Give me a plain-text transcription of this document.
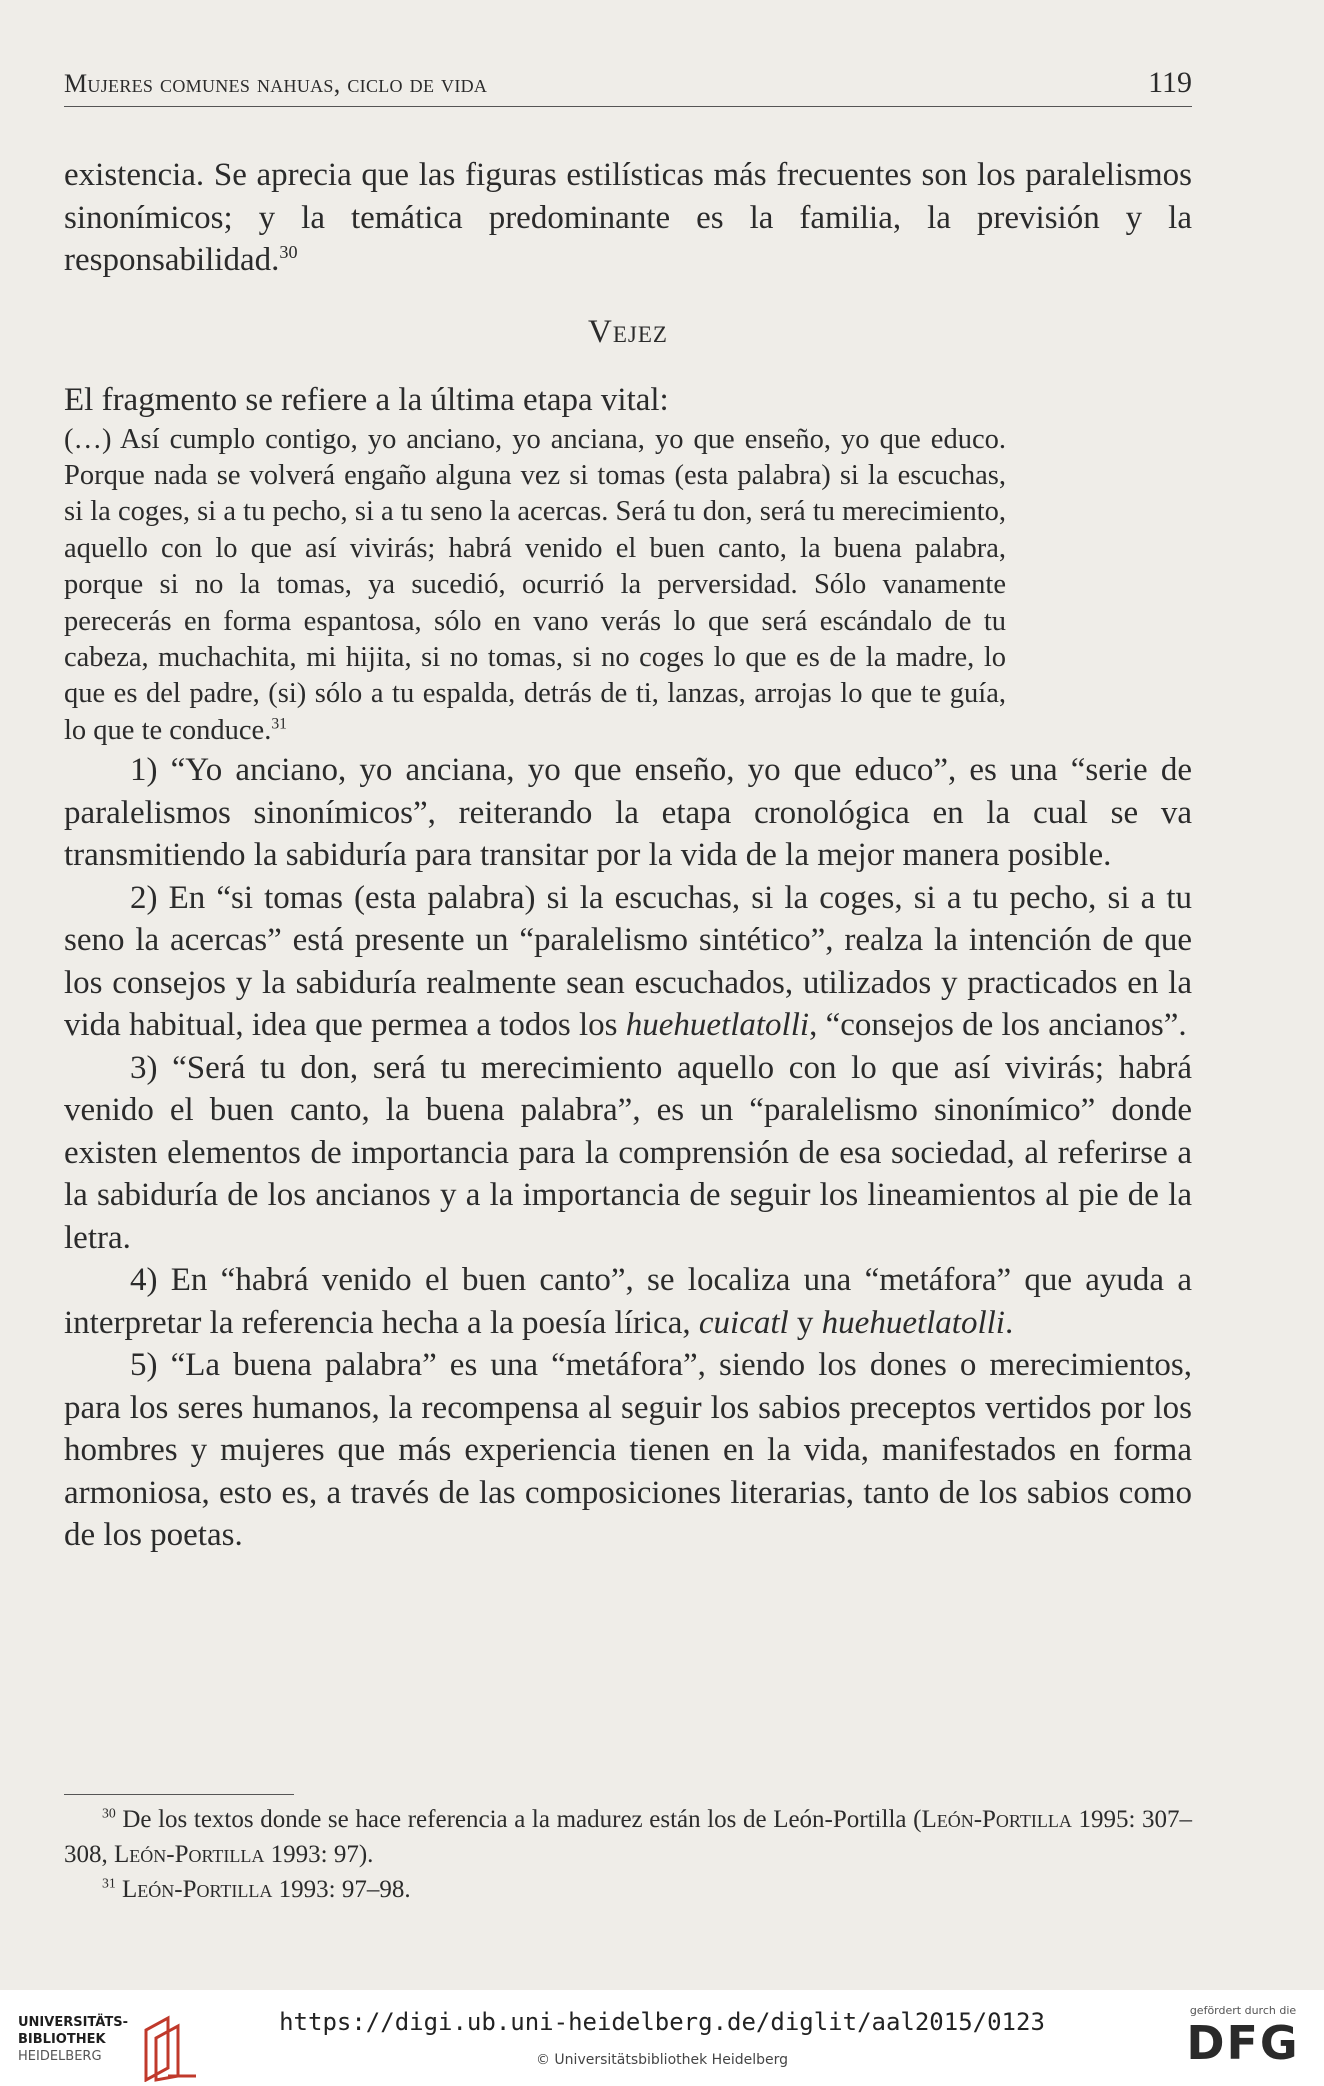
Mujeres comunes nahuas, ciclo de vida	119

existencia. Se aprecia que las figuras estilísticas más frecuentes son los paralelismos sinonímicos; y la temática predominante es la familia, la previsión y la responsabilidad.$^{30}$

Vejez

El fragmento se refiere a la última etapa vital:

(…) Así cumplo contigo, yo anciano, yo anciana, yo que enseño, yo que educo. Porque nada se volverá engaño alguna vez si tomas (esta palabra) si la escuchas, si la coges, si a tu pecho, si a tu seno la acercas. Será tu don, será tu merecimiento, aquello con lo que así vivirás; habrá venido el buen canto, la buena palabra, porque si no la tomas, ya sucedió, ocurrió la perversidad. Sólo vanamente perecerás en forma espantosa, sólo en vano verás lo que será escándalo de tu cabeza, muchachita, mi hijita, si no tomas, si no coges lo que es de la madre, lo que es del padre, (si) sólo a tu espalda, detrás de ti, lanzas, arrojas lo que te guía, lo que te conduce.$^{31}$

1) “Yo anciano, yo anciana, yo que enseño, yo que educo”, es una “serie de paralelismos sinonímicos”, reiterando la etapa cronológica en la cual se va transmitiendo la sabiduría para transitar por la vida de la mejor manera posible.

2) En “si tomas (esta palabra) si la escuchas, si la coges, si a tu pecho, si a tu seno la acercas” está presente un “paralelismo sintético”, realza la intención de que los consejos y la sabiduría realmente sean escuchados, utilizados y practicados en la vida habitual, idea que permea a todos los huehuetlatolli, “consejos de los ancianos”.

3) “Será tu don, será tu merecimiento aquello con lo que así vivirás; habrá venido el buen canto, la buena palabra”, es un “paralelismo sinonímico” donde existen elementos de importancia para la comprensión de esa sociedad, al referirse a la sabiduría de los ancianos y a la importancia de seguir los lineamientos al pie de la letra.

4) En “habrá venido el buen canto”, se localiza una “metáfora” que ayuda a interpretar la referencia hecha a la poesía lírica, cuicatl y huehuetlatolli.

5) “La buena palabra” es una “metáfora”, siendo los dones o merecimientos, para los seres humanos, la recompensa al seguir los sabios preceptos vertidos por los hombres y mujeres que más experiencia tienen en la vida, manifestados en forma armoniosa, esto es, a través de las composiciones literarias, tanto de los sabios como de los poetas.

$^{30}$ De los textos donde se hace referencia a la madurez están los de León-Portilla (León-Portilla 1995: 307–308, León-Portilla 1993: 97).

$^{31}$ León-Portilla 1993: 97–98.

UNIVERSITÄTS-
BIBLIOTHEK
HEIDELBERG
https://digi.ub.uni-heidelberg.de/diglit/aal2015/0123
© Universitätsbibliothek Heidelberg
gefördert durch die
DFG
